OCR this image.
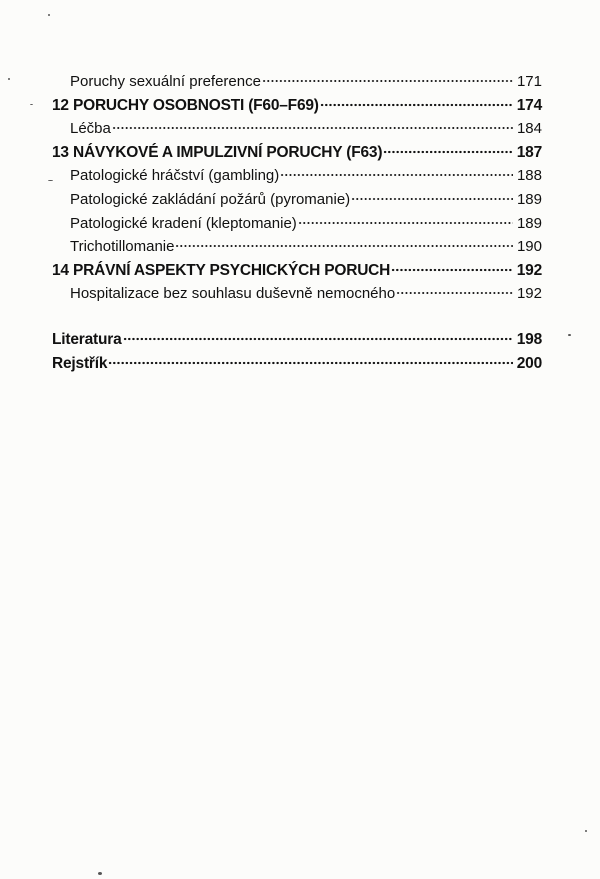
Poruchy sexuální preference	171
12 PORUCHY OSOBNOSTI (F60–F69)	174
Léčba	184
13 NÁVYKOVÉ A IMPULZIVNÍ PORUCHY (F63)	187
Patologické hráčství (gambling)	188
Patologické zakládání požárů (pyromanie)	189
Patologické kradení (kleptomanie)	189
Trichotillomanie	190
14 PRÁVNÍ ASPEKTY PSYCHICKÝCH PORUCH	192
Hospitalizace bez souhlasu duševně nemocného	192
Literatura	198
Rejstřík	200
